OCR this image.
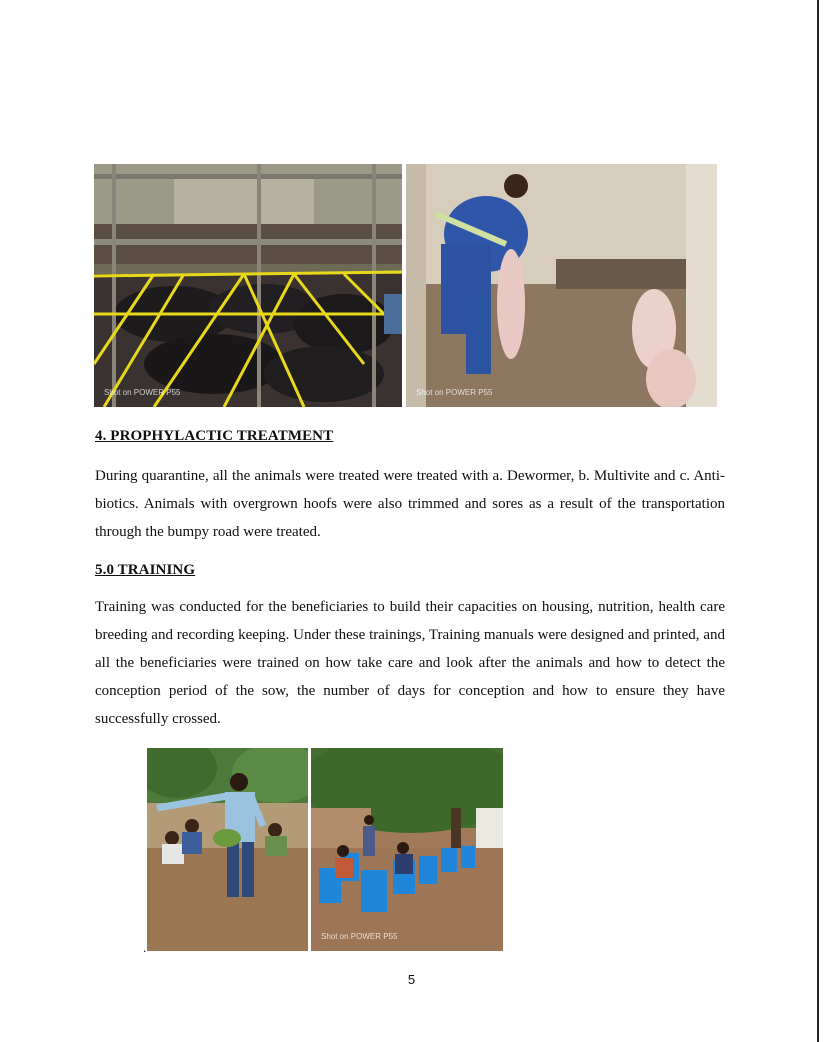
Shot on POWER P55	Shot on POWER P55
4. PROPHYLACTIC TREATMENT

During quarantine, all the animals were treated were treated with a. Dewormer, b. Multivite and c. Anti-biotics. Animals with overgrown hoofs were also trimmed and sores as a result of the transportation through the bumpy road were treated.

5.0 TRAINING

Training was conducted for the beneficiaries to build their capacities on housing, nutrition, health care breeding and recording keeping. Under these trainings, Training manuals were designed and printed, and all the beneficiaries were trained on how take care and look after the animals and how to detect the conception period of the sow, the number of days for conception and how to ensure they have successfully crossed.

Shot on POWER P55
.
5
